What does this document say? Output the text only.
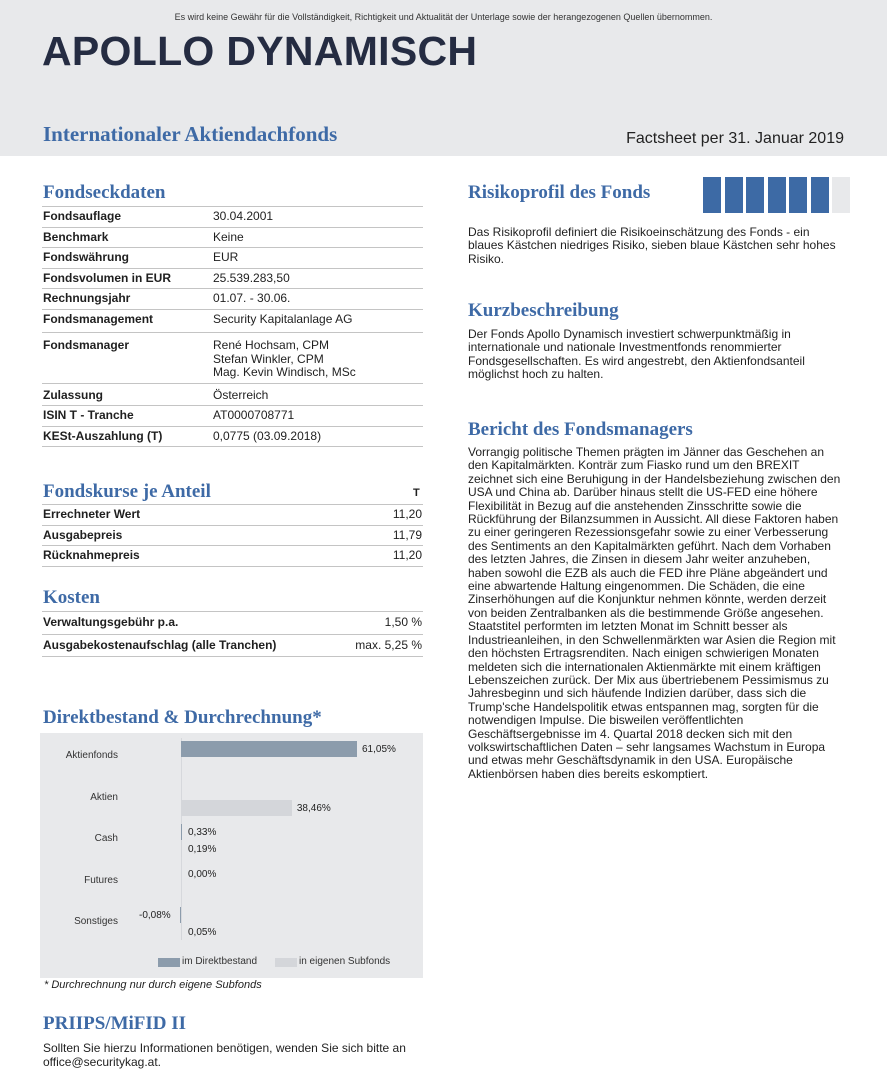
Es wird keine Gewähr für die Vollständigkeit, Richtigkeit und Aktualität der Unterlage sowie der herangezogenen Quellen übernommen.
APOLLO DYNAMISCH
Internationaler Aktiendachfonds	Factsheet per 31. Januar 2019
Fondseckdaten
Fondsauflage	30.04.2001
Benchmark	Keine
Fondswährung	EUR
Fondsvolumen in EUR	25.539.283,50
Rechnungsjahr	01.07. - 30.06.
Fondsmanagement	Security Kapitalanlage AG
Fondsmanager	René Hochsam, CPM
Stefan Winkler, CPM
Mag. Kevin Windisch, MSc
Zulassung	Österreich
ISIN T - Tranche	AT0000708771
KESt-Auszahlung (T)	0,0775 (03.09.2018)
Fondskurse je Anteil	T
Errechneter Wert	11,20
Ausgabepreis	11,79
Rücknahmepreis	11,20
Kosten
Verwaltungsgebühr p.a.	1,50 %
Ausgabekostenaufschlag (alle Tranchen)	max. 5,25 %
Direktbestand & Durchrechnung*
Aktienfonds
61,05%
Aktien
38,46%
Cash
0,33%
0,19%
Futures
0,00%
Sonstiges
-0,08%
0,05%
im Direktbestand	in eigenen Subfonds
* Durchrechnung nur durch eigene Subfonds
PRIIPS/MiFID II
Sollten Sie hierzu Informationen benötigen, wenden Sie sich bitte an office@securitykag.at.
Risikoprofil des Fonds
Das Risikoprofil definiert die Risikoeinschätzung des Fonds - ein blaues Kästchen niedriges Risiko, sieben blaue Kästchen sehr hohes Risiko.
Kurzbeschreibung
Der Fonds Apollo Dynamisch investiert schwerpunktmäßig in internationale und nationale Investmentfonds renommierter Fondsgesellschaften. Es wird angestrebt, den Aktienfondsanteil möglichst hoch zu halten.
Bericht des Fondsmanagers
Vorrangig politische Themen prägten im Jänner das Geschehen an den Kapitalmärkten. Konträr zum Fiasko rund um den BREXIT zeichnet sich eine Beruhigung in der Handelsbeziehung zwischen den USA und China ab. Darüber hinaus stellt die US-FED eine höhere Flexibilität in Bezug auf die anstehenden Zinsschritte sowie die Rückführung der Bilanzsummen in Aussicht. All diese Faktoren haben zu einer geringeren Rezessionsgefahr sowie zu einer Verbesserung des Sentiments an den Kapitalmärkten geführt. Nach dem Vorhaben des letzten Jahres, die Zinsen in diesem Jahr weiter anzuheben, haben sowohl die EZB als auch die FED ihre Pläne abgeändert und eine abwartende Haltung eingenommen. Die Schäden, die eine Zinserhöhungen auf die Konjunktur nehmen könnte, werden derzeit von beiden Zentralbanken als die bestimmende Größe angesehen. Staatstitel performten im letzten Monat im Schnitt besser als Industrieanleihen, in den Schwellenmärkten war Asien die Region mit den höchsten Ertragsrenditen. Nach einigen schwierigen Monaten meldeten sich die internationalen Aktienmärkte mit einem kräftigen Lebenszeichen zurück. Der Mix aus übertriebenem Pessimismus zu Jahresbeginn und sich häufende Indizien darüber, dass sich die Trump'sche Handelspolitik etwas entspannen mag, sorgten für die notwendigen Impulse. Die bisweilen veröffentlichten Geschäftsergebnisse im 4. Quartal 2018 decken sich mit den volkswirtschaftlichen Daten – sehr langsames Wachstum in Europa und etwas mehr Geschäftsdynamik in den USA. Europäische Aktienbörsen haben dies bereits eskomptiert.
